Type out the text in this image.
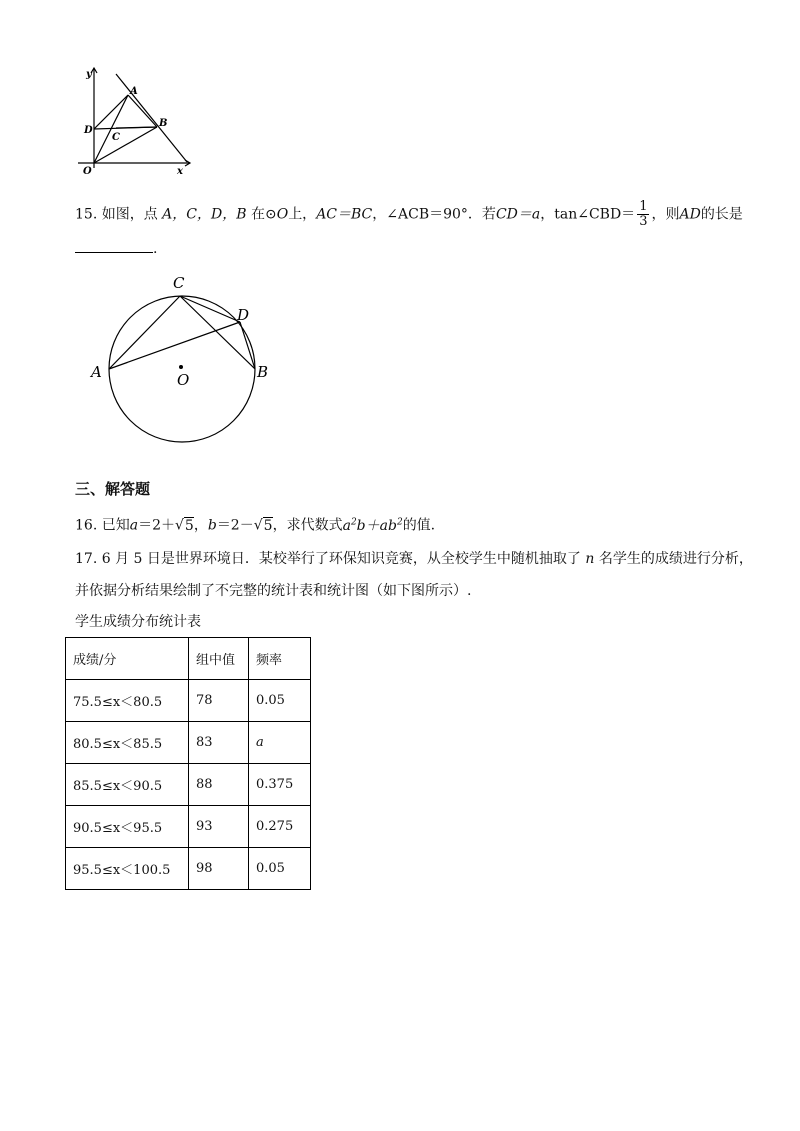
y
x
O
A
B
C
D
15. 如图，点 A，C，D，B 在⊙O上，AC＝BC，∠ACB＝90°．若CD＝a，tan∠CBD＝ $\frac{1}{3}$ ，则AD的长是
.
C
D
A	B
O
三、解答题
16. 已知a＝2＋√5，b＝2－√5，求代数式$a^2b+ab^2$的值.
17. 6 月 5 日是世界环境日．某校举行了环保知识竞赛，从全校学生中随机抽取了 n 名学生的成绩进行分析，
并依据分析结果绘制了不完整的统计表和统计图（如下图所示）.
学生成绩分布统计表
成绩/分	组中值	频率
75.5≤x＜80.5	78	0.05
80.5≤x＜85.5	83	a
85.5≤x＜90.5	88	0.375
90.5≤x＜95.5	93	0.275
95.5≤x＜100.5	98	0.05
